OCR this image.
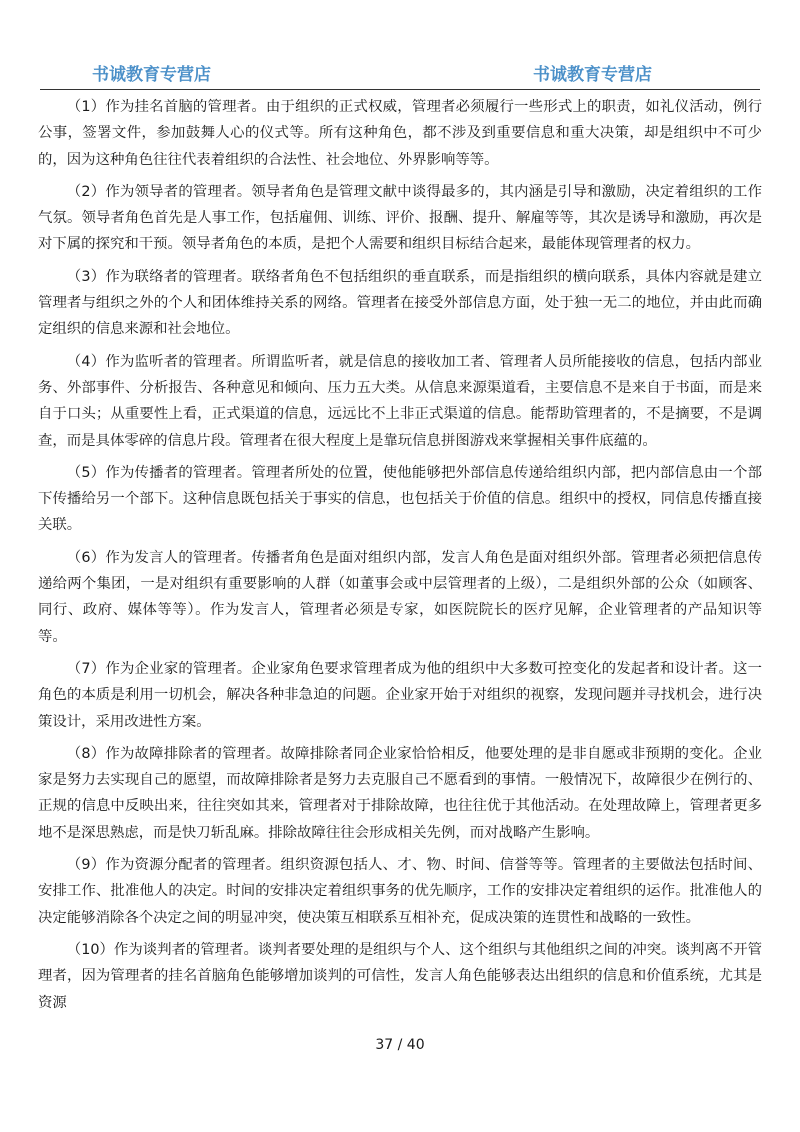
书诚教育专营店	书诚教育专营店

（1）作为挂名首脑的管理者。由于组织的正式权威，管理者必须履行一些形式上的职责，如礼仪活动，例行公事，签署文件，参加鼓舞人心的仪式等。所有这种角色，都不涉及到重要信息和重大决策，却是组织中不可少的，因为这种角色往往代表着组织的合法性、社会地位、外界影响等等。

（2）作为领导者的管理者。领导者角色是管理文献中谈得最多的，其内涵是引导和激励，决定着组织的工作气氛。领导者角色首先是人事工作，包括雇佣、训练、评价、报酬、提升、解雇等等，其次是诱导和激励，再次是对下属的探究和干预。领导者角色的本质，是把个人需要和组织目标结合起来，最能体现管理者的权力。

（3）作为联络者的管理者。联络者角色不包括组织的垂直联系，而是指组织的横向联系，具体内容就是建立管理者与组织之外的个人和团体维持关系的网络。管理者在接受外部信息方面，处于独一无二的地位，并由此而确定组织的信息来源和社会地位。

（4）作为监听者的管理者。所谓监听者，就是信息的接收加工者、管理者人员所能接收的信息，包括内部业务、外部事件、分析报告、各种意见和倾向、压力五大类。从信息来源渠道看，主要信息不是来自于书面，而是来自于口头；从重要性上看，正式渠道的信息，远远比不上非正式渠道的信息。能帮助管理者的，不是摘要，不是调查，而是具体零碎的信息片段。管理者在很大程度上是靠玩信息拼图游戏来掌握相关事件底蕴的。

（5）作为传播者的管理者。管理者所处的位置，使他能够把外部信息传递给组织内部，把内部信息由一个部下传播给另一个部下。这种信息既包括关于事实的信息，也包括关于价值的信息。组织中的授权，同信息传播直接关联。

（6）作为发言人的管理者。传播者角色是面对组织内部，发言人角色是面对组织外部。管理者必须把信息传递给两个集团，一是对组织有重要影响的人群（如董事会或中层管理者的上级），二是组织外部的公众（如顾客、同行、政府、媒体等等）。作为发言人，管理者必须是专家，如医院院长的医疗见解，企业管理者的产品知识等等。

（7）作为企业家的管理者。企业家角色要求管理者成为他的组织中大多数可控变化的发起者和设计者。这一角色的本质是利用一切机会，解决各种非急迫的问题。企业家开始于对组织的视察，发现问题并寻找机会，进行决策设计，采用改进性方案。

（8）作为故障排除者的管理者。故障排除者同企业家恰恰相反，他要处理的是非自愿或非预期的变化。企业家是努力去实现自己的愿望，而故障排除者是努力去克服自己不愿看到的事情。一般情况下，故障很少在例行的、正规的信息中反映出来，往往突如其来，管理者对于排除故障，也往往优于其他活动。在处理故障上，管理者更多地不是深思熟虑，而是快刀斩乱麻。排除故障往往会形成相关先例，而对战略产生影响。

（9）作为资源分配者的管理者。组织资源包括人、才、物、时间、信誉等等。管理者的主要做法包括时间、安排工作、批准他人的决定。时间的安排决定着组织事务的优先顺序，工作的安排决定着组织的运作。批准他人的决定能够消除各个决定之间的明显冲突，使决策互相联系互相补充，促成决策的连贯性和战略的一致性。

（10）作为谈判者的管理者。谈判者要处理的是组织与个人、这个组织与其他组织之间的冲突。谈判离不开管理者，因为管理者的挂名首脑角色能够增加谈判的可信性，发言人角色能够表达出组织的信息和价值系统，尤其是资源

37 / 40
